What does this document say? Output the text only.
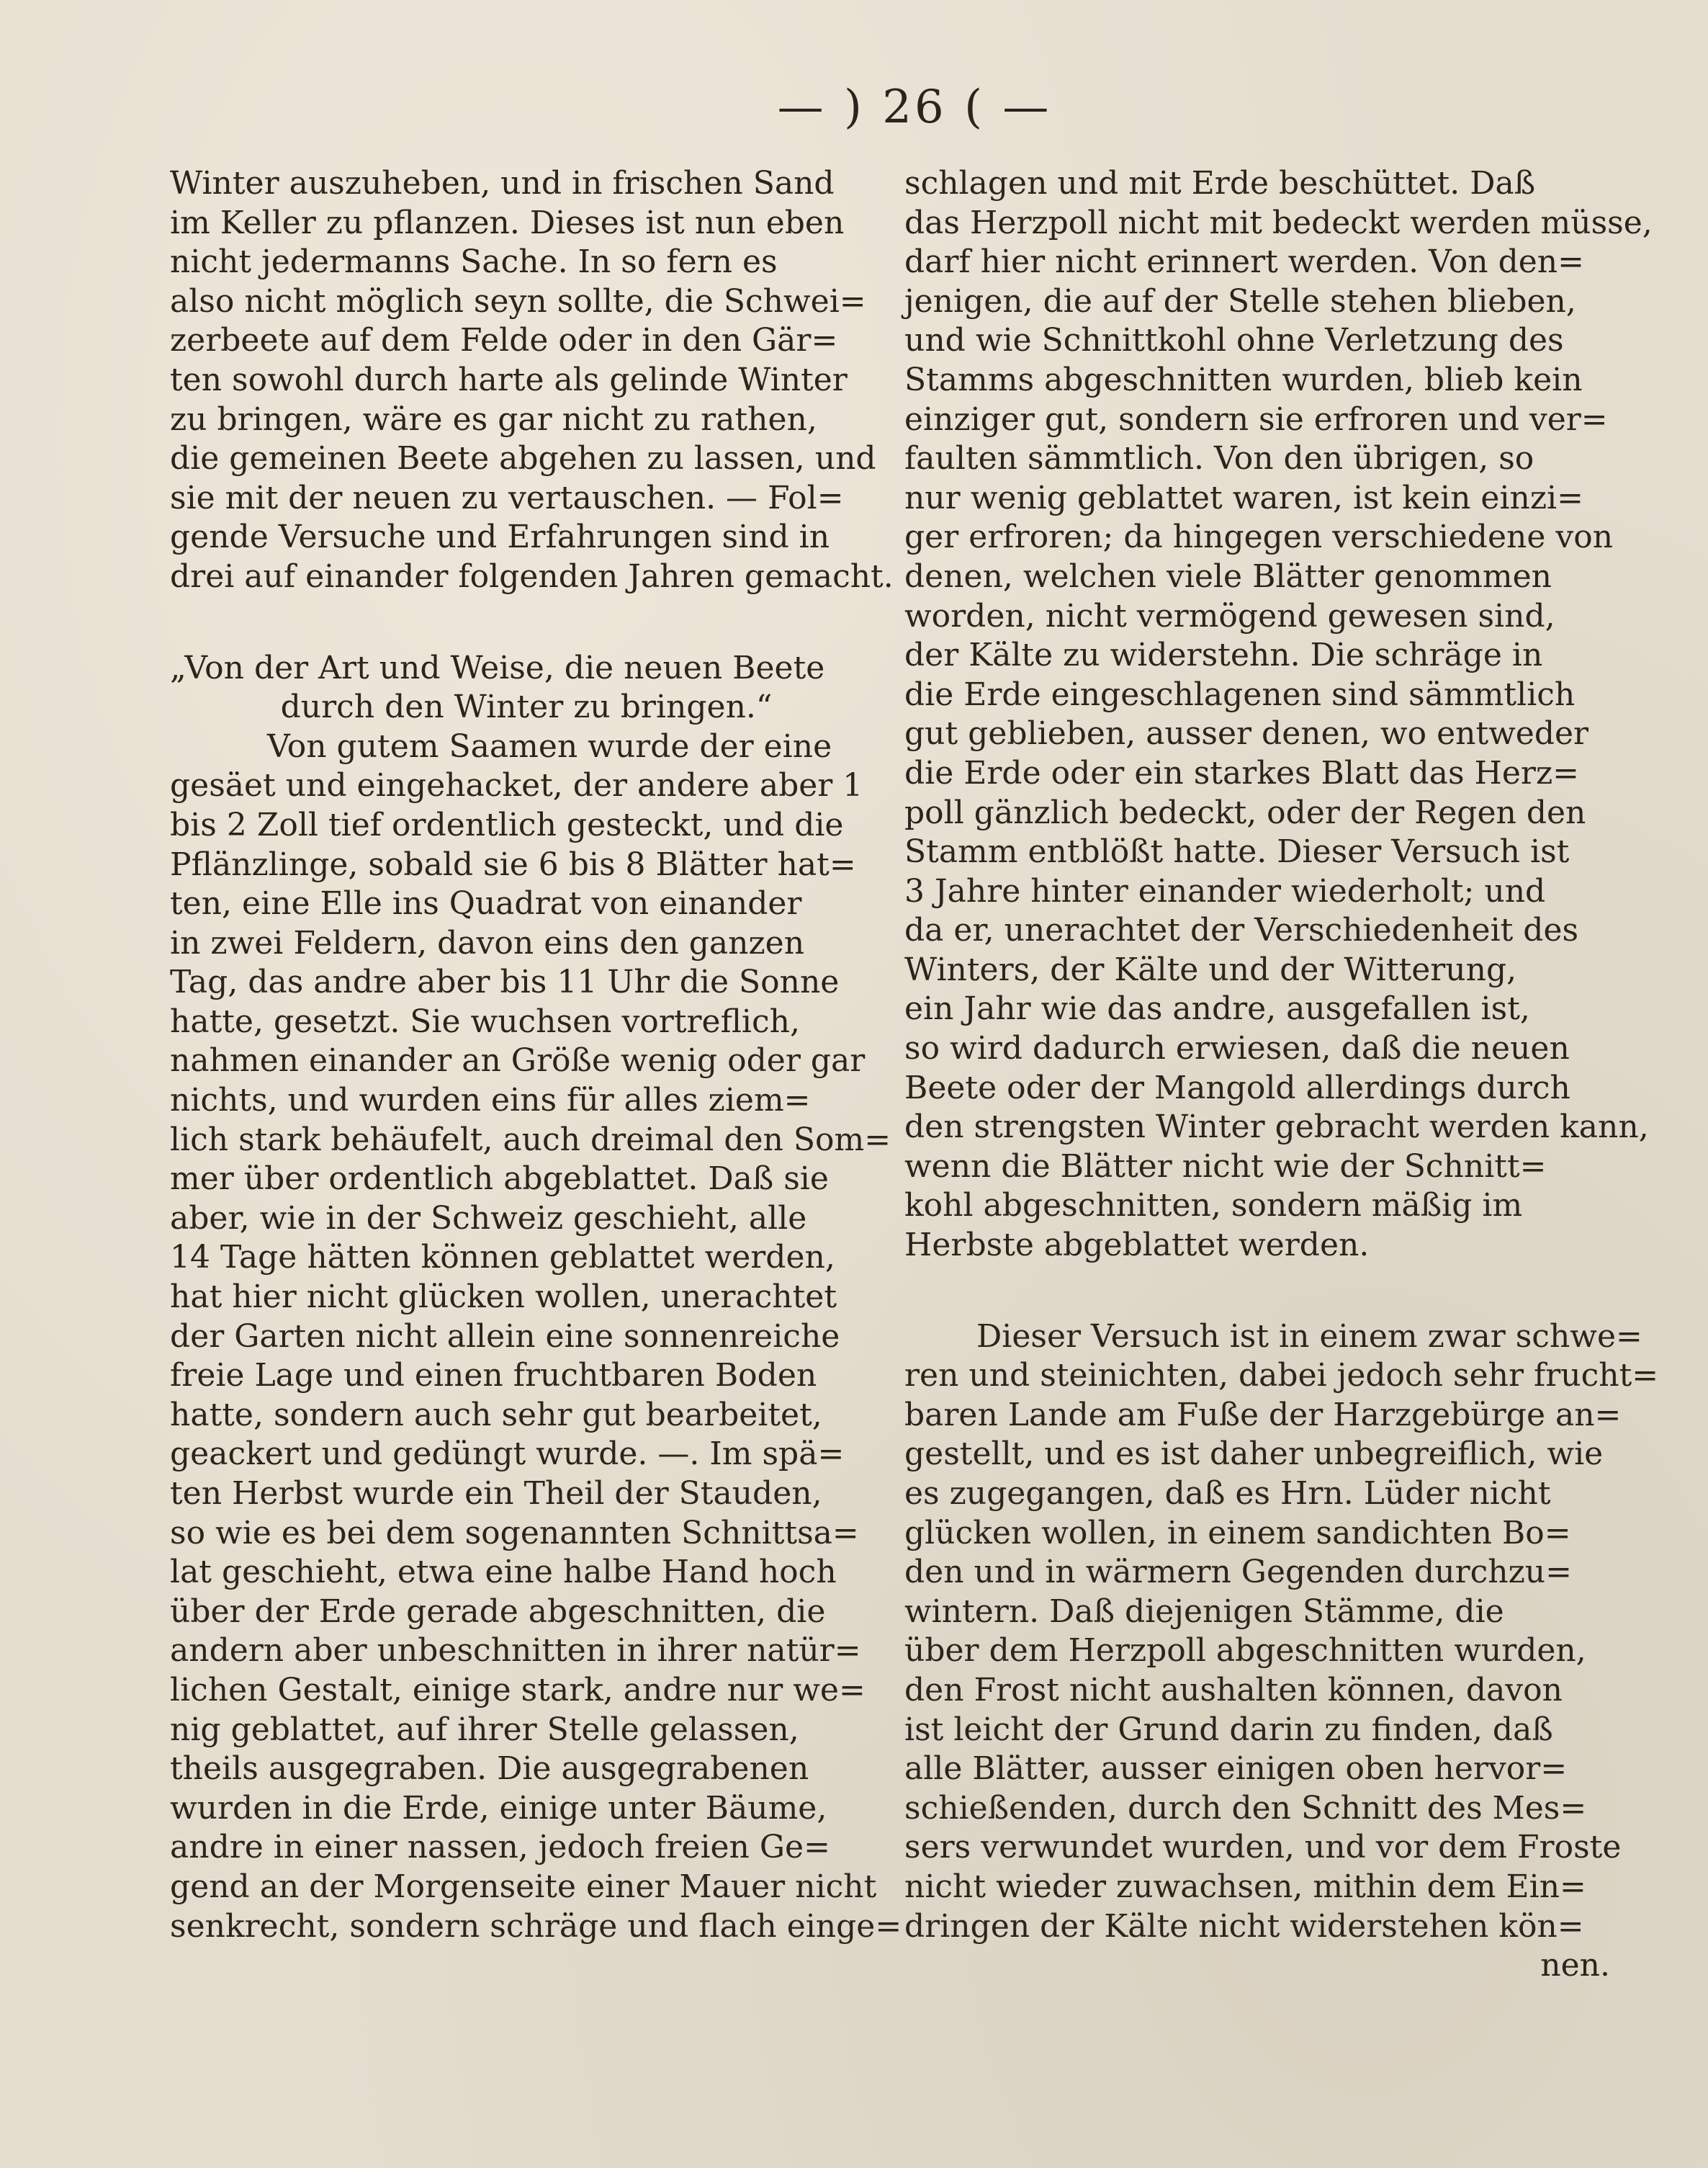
— ) 26 ( —
Winter auszuheben, und in frischen Sand
im Keller zu pflanzen. Dieses ist nun eben
nicht jedermanns Sache. In so fern es
also nicht möglich seyn sollte, die Schwei=
zerbeete auf dem Felde oder in den Gär=
ten sowohl durch harte als gelinde Winter
zu bringen, wäre es gar nicht zu rathen,
die gemeinen Beete abgehen zu lassen, und
sie mit der neuen zu vertauschen. — Fol=
gende Versuche und Erfahrungen sind in
drei auf einander folgenden Jahren gemacht.
„Von der Art und Weise, die neuen Beete
durch den Winter zu bringen.“
Von gutem Saamen wurde der eine
gesäet und eingehacket, der andere aber 1
bis 2 Zoll tief ordentlich gesteckt, und die
Pflänzlinge, sobald sie 6 bis 8 Blätter hat=
ten, eine Elle ins Quadrat von einander
in zwei Feldern, davon eins den ganzen
Tag, das andre aber bis 11 Uhr die Sonne
hatte, gesetzt. Sie wuchsen vortreflich,
nahmen einander an Größe wenig oder gar
nichts, und wurden eins für alles ziem=
lich stark behäufelt, auch dreimal den Som=
mer über ordentlich abgeblattet. Daß sie
aber, wie in der Schweiz geschieht, alle
14 Tage hätten können geblattet werden,
hat hier nicht glücken wollen, unerachtet
der Garten nicht allein eine sonnenreiche
freie Lage und einen fruchtbaren Boden
hatte, sondern auch sehr gut bearbeitet,
geackert und gedüngt wurde. —. Im spä=
ten Herbst wurde ein Theil der Stauden,
so wie es bei dem sogenannten Schnittsa=
lat geschieht, etwa eine halbe Hand hoch
über der Erde gerade abgeschnitten, die
andern aber unbeschnitten in ihrer natür=
lichen Gestalt, einige stark, andre nur we=
nig geblattet, auf ihrer Stelle gelassen,
theils ausgegraben. Die ausgegrabenen
wurden in die Erde, einige unter Bäume,
andre in einer nassen, jedoch freien Ge=
gend an der Morgenseite einer Mauer nicht
senkrecht, sondern schräge und flach einge=
schlagen und mit Erde beschüttet. Daß
das Herzpoll nicht mit bedeckt werden müsse,
darf hier nicht erinnert werden. Von den=
jenigen, die auf der Stelle stehen blieben,
und wie Schnittkohl ohne Verletzung des
Stamms abgeschnitten wurden, blieb kein
einziger gut, sondern sie erfroren und ver=
faulten sämmtlich. Von den übrigen, so
nur wenig geblattet waren, ist kein einzi=
ger erfroren; da hingegen verschiedene von
denen, welchen viele Blätter genommen
worden, nicht vermögend gewesen sind,
der Kälte zu widerstehn. Die schräge in
die Erde eingeschlagenen sind sämmtlich
gut geblieben, ausser denen, wo entweder
die Erde oder ein starkes Blatt das Herz=
poll gänzlich bedeckt, oder der Regen den
Stamm entblößt hatte. Dieser Versuch ist
3 Jahre hinter einander wiederholt; und
da er, unerachtet der Verschiedenheit des
Winters, der Kälte und der Witterung,
ein Jahr wie das andre, ausgefallen ist,
so wird dadurch erwiesen, daß die neuen
Beete oder der Mangold allerdings durch
den strengsten Winter gebracht werden kann,
wenn die Blätter nicht wie der Schnitt=
kohl abgeschnitten, sondern mäßig im
Herbste abgeblattet werden.
Dieser Versuch ist in einem zwar schwe=
ren und steinichten, dabei jedoch sehr frucht=
baren Lande am Fuße der Harzgebürge an=
gestellt, und es ist daher unbegreiflich, wie
es zugegangen, daß es Hrn. Lüder nicht
glücken wollen, in einem sandichten Bo=
den und in wärmern Gegenden durchzu=
wintern. Daß diejenigen Stämme, die
über dem Herzpoll abgeschnitten wurden,
den Frost nicht aushalten können, davon
ist leicht der Grund darin zu finden, daß
alle Blätter, ausser einigen oben hervor=
schießenden, durch den Schnitt des Mes=
sers verwundet wurden, und vor dem Froste
nicht wieder zuwachsen, mithin dem Ein=
dringen der Kälte nicht widerstehen kön=
nen.
